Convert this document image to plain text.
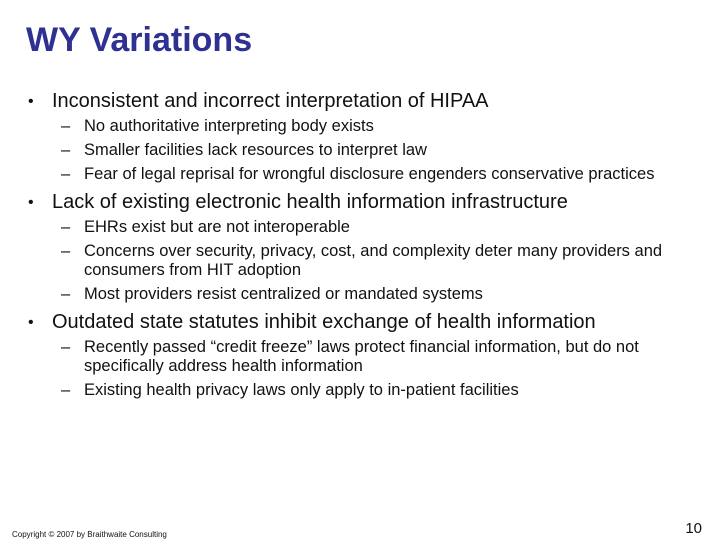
WY Variations

• Inconsistent and incorrect interpretation of HIPAA

– No authoritative interpreting body exists
– Smaller facilities lack resources to interpret law
– Fear of legal reprisal for wrongful disclosure engenders conservative practices

• Lack of existing electronic health information infrastructure

– EHRs exist but are not interoperable
– Concerns over security, privacy, cost, and complexity deter many providers and consumers from HIT adoption
– Most providers resist centralized or mandated systems

• Outdated state statutes inhibit exchange of health information

– Recently passed “credit freeze” laws protect financial information, but do not specifically address health information
– Existing health privacy laws only apply to in-patient facilities
Copyright © 2007 by Braithwaite Consulting	10
